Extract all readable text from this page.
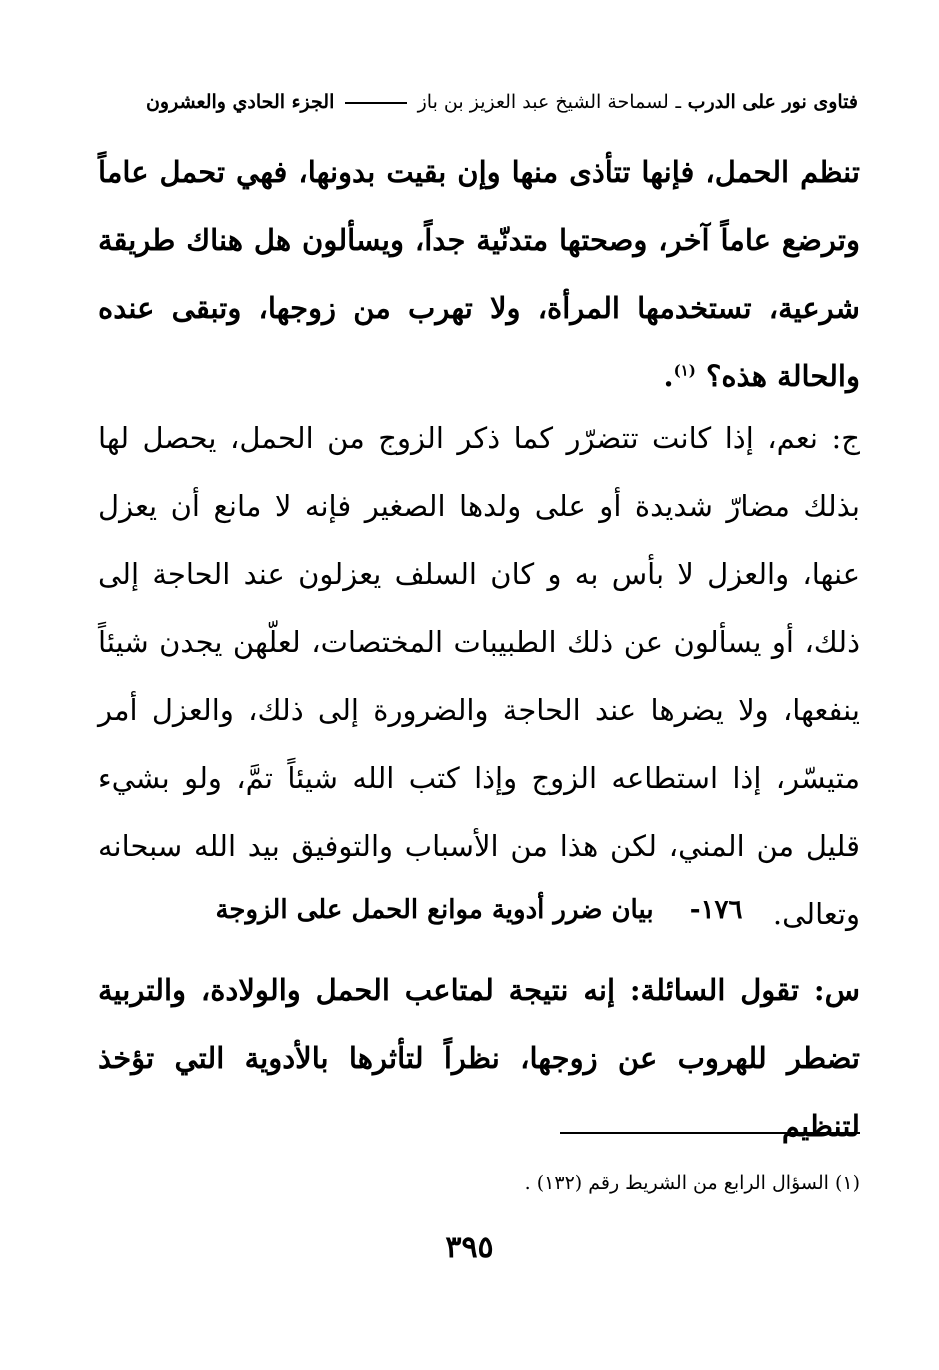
فتاوى نور على الدرب ـ لسماحة الشيخ عبد العزيز بن باز  الجزء الحادي والعشرون
تنظم الحمل، فإنها تتأذى منها وإن بقيت بدونها، فهي تحمل عاماً وترضع عاماً آخر، وصحتها متدنّية جداً، ويسألون هل هناك طريقة شرعية، تستخدمها المرأة، ولا تهرب من زوجها، وتبقى عنده والحالة هذه؟ $^{(١)}$.
ج: نعم، إذا كانت تتضرّر كما ذكر الزوج من الحمل، يحصل لها بذلك مضارّ شديدة أو على ولدها الصغير فإنه لا مانع أن يعزل عنها، والعزل لا بأس به و كان السلف يعزلون عند الحاجة إلى ذلك، أو يسألون عن ذلك الطبيبات المختصات، لعلّهن يجدن شيئاً ينفعها، ولا يضرها عند الحاجة والضرورة إلى ذلك، والعزل أمر متيسّر، إذا استطاعه الزوج وإذا كتب الله شيئاً تمَّ، ولو بشيء قليل من المني، لكن هذا من الأسباب والتوفيق بيد الله سبحانه وتعالى.
١٧٦-    بيان ضرر أدوية موانع الحمل على الزوجة
س: تقول السائلة: إنه نتيجة لمتاعب الحمل والولادة، والتربية تضطر للهروب عن زوجها، نظراً لتأثرها بالأدوية التي تؤخذ لتنظيم
(١) السؤال الرابع من الشريط رقم (١٣٢) .
٣٩٥
